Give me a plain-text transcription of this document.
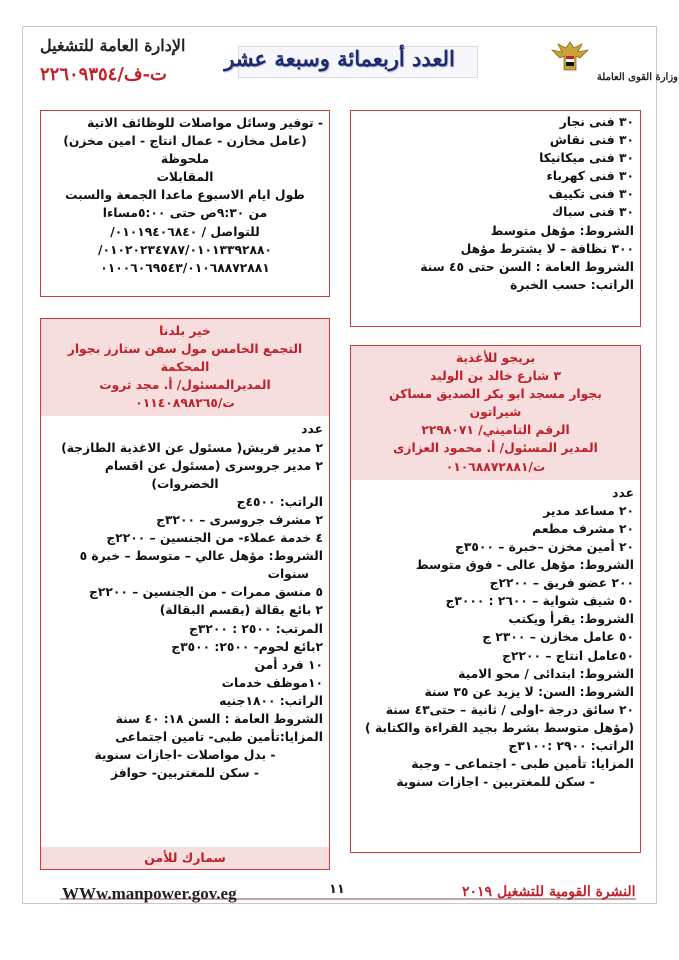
وزارة القوى العاملة
العدد أربعمائة وسبعة عشر
الإدارة العامة للتشغيل
ت-ف/٢٢٦٠٩٣٥٤
٣٠ فنى نجار
٣٠ فنى نقاش
٣٠ فنى ميكانيكا
٣٠ فنى كهرباء
٣٠ فنى تكييف
٣٠ فنى سباك
الشروط: مؤهل متوسط
٣٠٠ نظافة – لا يشترط مؤهل
الشروط العامة : السن حتى ٤٥ سنة
الراتب: حسب الخبرة
- توفير وسائل مواصلات للوظائف الاتية
(عامل مخازن - عمال انتاج - امين مخزن)
ملحوظة
المقابلات
طول ايام الاسبوع ماعدا الجمعة والسبت
من ٩:٣٠ص حتى ٥:٠٠مساءا
للتواصل / ٠١٠١٩٤٠٦٨٤٠/
٠١٠٢٠٢٣٤٧٨٧/٠١٠١٣٣٩٢٨٨٠/
٠١٠٠٦٠٦٩٥٤٣/٠١٠٦٨٨٧٢٨٨١
بريجو للأغذية
٣ شارع خالد بن الوليد
بجوار مسجد ابو بكر الصديق مساكن
شيراتون
الرقم التاميني/ ٢٢٩٨٠٧١
المدير المسئول/ أ. محمود العزازى
ت/٠١٠٦٨٨٧٢٨٨١
عدد
٢٠ مساعد مدير
٢٠ مشرف مطعم
٢٠ أمين مخزن –خبرة – ٣٥٠٠ج
الشروط: مؤهل عالى - فوق متوسط
٢٠٠ عضو فريق – ٢٢٠٠ج
٥٠ شيف شواية – ٢٦٠٠ : ٣٠٠٠ج
الشروط: يقرأ ويكتب
٥٠ عامل مخازن – ٢٣٠٠ ج
٥٠عامل انتاج – ٢٢٠٠ج
الشروط: ابتدائى / محو الامية
الشروط: السن: لا يزيد عن ٣٥ سنة
٢٠ سائق درجة -اولى / ثانية – حتى٤٣ سنة
(مؤهل متوسط بشرط بجيد القراءة والكتابة )
الراتب: ٢٩٠٠ :٣١٠٠ج
المزايا: تأمين طبى - اجتماعى – وجبة
- سكن للمغتربين - اجازات سنوية
خير بلدنا
التجمع الخامس مول سفن ستارز بجوار
المحكمة
المديرالمسئول/ أ. مجد ثروت
ت/٠١١٤٠٨٩٨٢٦٥
عدد
٢ مدير فريش( مسئول عن الاغذية الطازجة)
٢ مدير جروسرى (مسئول عن اقسام
الخضروات)
الراتب: ٤٥٠٠ج
٢ مشرف جروسرى – ٣٢٠٠ج
٤ خدمة عملاء- من الجنسين – ٢٢٠٠ج
الشروط: مؤهل عالي – متوسط – خبرة ٥
سنوات
٥ منسق ممرات - من الجنسين – ٢٢٠٠ج
٢ بائع بقالة (بقسم البقالة)
المرتب: ٢٥٠٠ : ٣٢٠٠ج
٢بائع لحوم- ٢٥٠٠: ٣٥٠٠ج
١٠ فرد أمن
١٠موظف خدمات
الراتب: ١٨٠٠جنيه
الشروط العامة : السن ١٨: ٤٠ سنة
المزايا:تأمين طبى- تامين اجتماعى
- بدل مواصلات -اجازات سنوية
- سكن للمغتربين- حوافز
سمارك للأمن
WWw.manpower.gov.eg	١١	النشرة القومية للتشغيل ٢٠١٩
